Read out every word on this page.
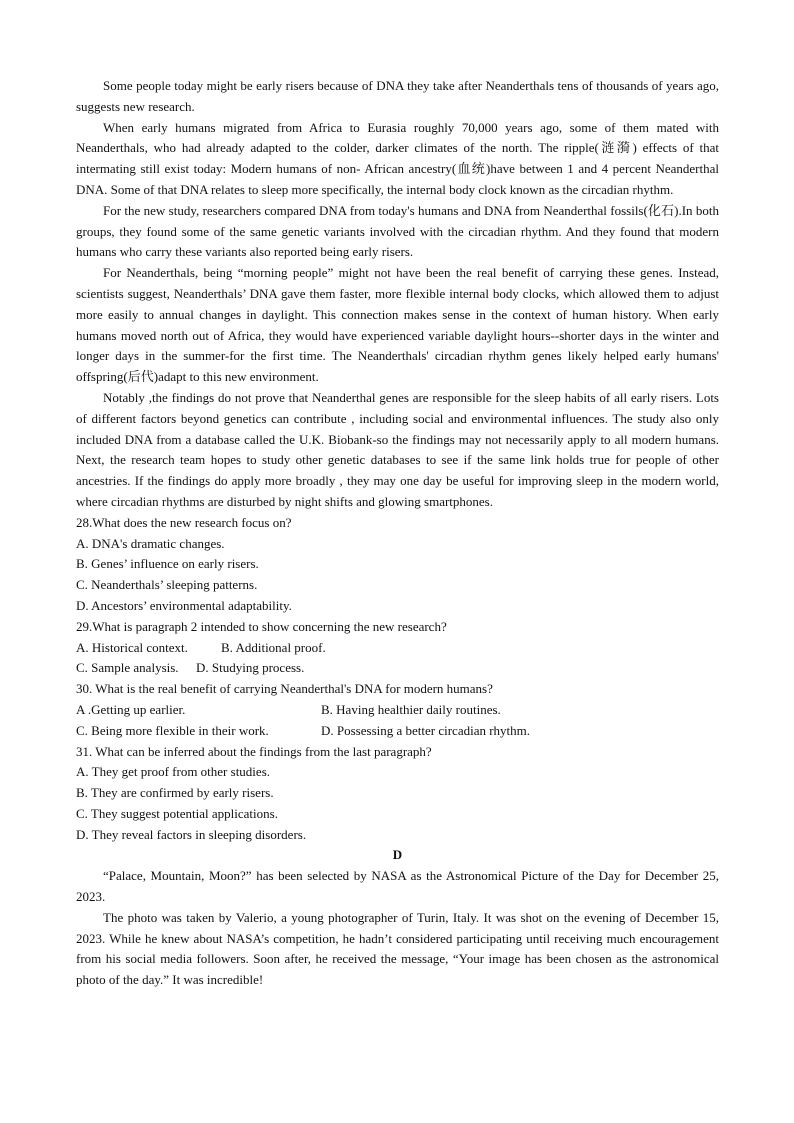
Some people today might be early risers because of DNA they take after Neanderthals tens of thousands of years ago, suggests new research.

When early humans migrated from Africa to Eurasia roughly 70,000 years ago, some of them mated with Neanderthals, who had already adapted to the colder, darker climates of the north. The ripple(涟漪) effects of that intermating still exist today: Modern humans of non- African ancestry(血统)have between 1 and 4 percent Neanderthal DNA. Some of that DNA relates to sleep more specifically, the internal body clock known as the circadian rhythm.

For the new study, researchers compared DNA from today's humans and DNA from Neanderthal fossils(化石).In both groups, they found some of the same genetic variants involved with the circadian rhythm. And they found that modern humans who carry these variants also reported being early risers.

For Neanderthals, being “morning people” might not have been the real benefit of carrying these genes. Instead, scientists suggest, Neanderthals’ DNA gave them faster, more flexible internal body clocks, which allowed them to adjust more easily to annual changes in daylight. This connection makes sense in the context of human history. When early humans moved north out of Africa, they would have experienced variable daylight hours--shorter days in the winter and longer days in the summer-for the first time. The Neanderthals' circadian rhythm genes likely helped early humans' offspring(后代)adapt to this new environment.

Notably ,the findings do not prove that Neanderthal genes are responsible for the sleep habits of all early risers. Lots of different factors beyond genetics can contribute , including social and environmental influences. The study also only included DNA from a database called the U.K. Biobank-so the findings may not necessarily apply to all modern humans. Next, the research team hopes to study other genetic databases to see if the same link holds true for people of other ancestries. If the findings do apply more broadly , they may one day be useful for improving sleep in the modern world, where circadian rhythms are disturbed by night shifts and glowing smartphones.

28.What does the new research focus on?

A. DNA's dramatic changes.

B. Genes’ influence on early risers.

C. Neanderthals’ sleeping patterns.

D. Ancestors’ environmental adaptability.

29.What is paragraph 2 intended to show concerning the new research?

A. Historical context.	B. Additional proof.
C. Sample analysis.	D. Studying process.

30. What is the real benefit of carrying Neanderthal's DNA for modern humans?

A .Getting up earlier.	B. Having healthier daily routines.
C. Being more flexible in their work.	D. Possessing a better circadian rhythm.

31. What can be inferred about the findings from the last paragraph?

A. They get proof from other studies.

B. They are confirmed by early risers.

C. They suggest potential applications.

D. They reveal factors in sleeping disorders.

D

“Palace, Mountain, Moon?” has been selected by NASA as the Astronomical Picture of the Day for December 25, 2023.

The photo was taken by Valerio, a young photographer of Turin, Italy. It was shot on the evening of December 15, 2023. While he knew about NASA’s competition, he hadn’t considered participating until receiving much encouragement from his social media followers. Soon after, he received the message, “Your image has been chosen as the astronomical photo of the day.” It was incredible!
